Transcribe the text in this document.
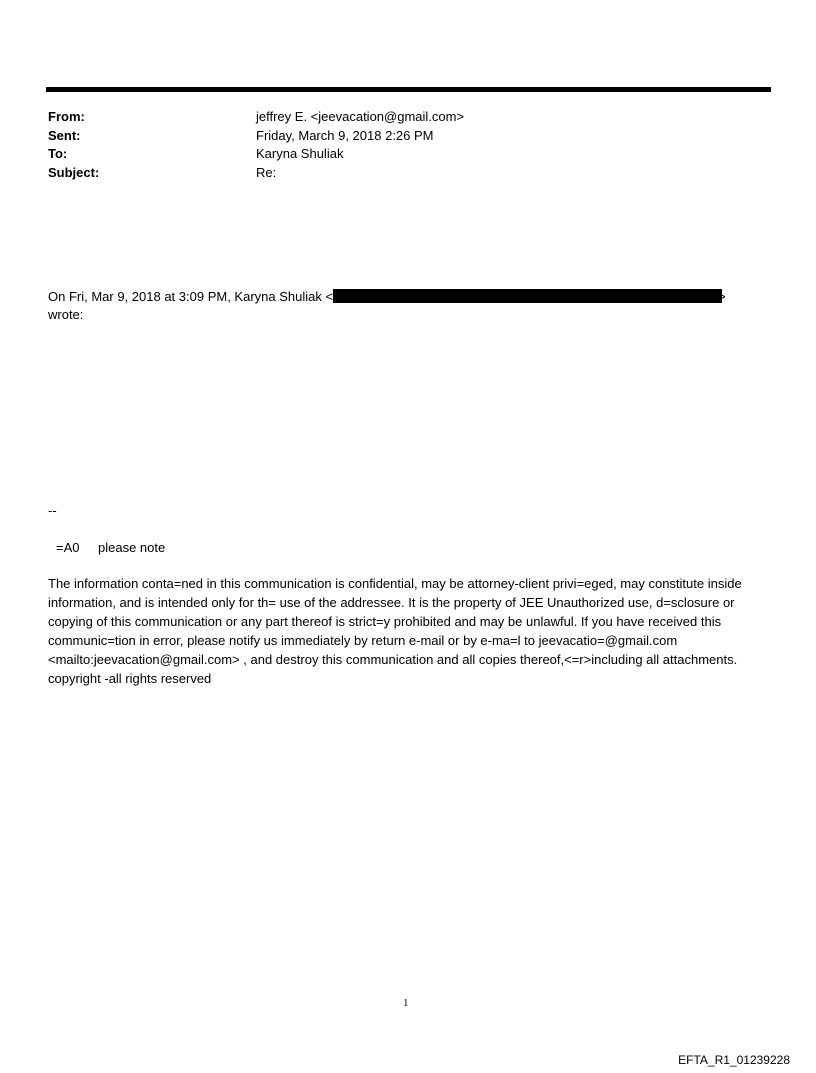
From:	jeffrey E. <jeevacation@gmail.com>
Sent:	Friday, March 9, 2018 2:26 PM
To:	Karyna Shuliak
Subject:	Re:
On Fri, Mar 9, 2018 at 3:09 PM, Karyna Shuliak <	>
wrote:
--
=A0 please note
The information conta=ned in this communication is confidential, may be attorney-client privi=eged, may constitute inside information, and is intended only for th= use of the addressee. It is the property of JEE Unauthorized use, d=sclosure or copying of this communication or any part thereof is strict=y prohibited and may be unlawful. If you have received this communic=tion in error, please notify us immediately by return e-mail or by e-ma=l to jeevacatio=@gmail.com <mailto:jeevacation@gmail.com> , and destroy this communication and all copies thereof,<=r>including all attachments. copyright -all rights reserved
1
EFTA_R1_01239228
